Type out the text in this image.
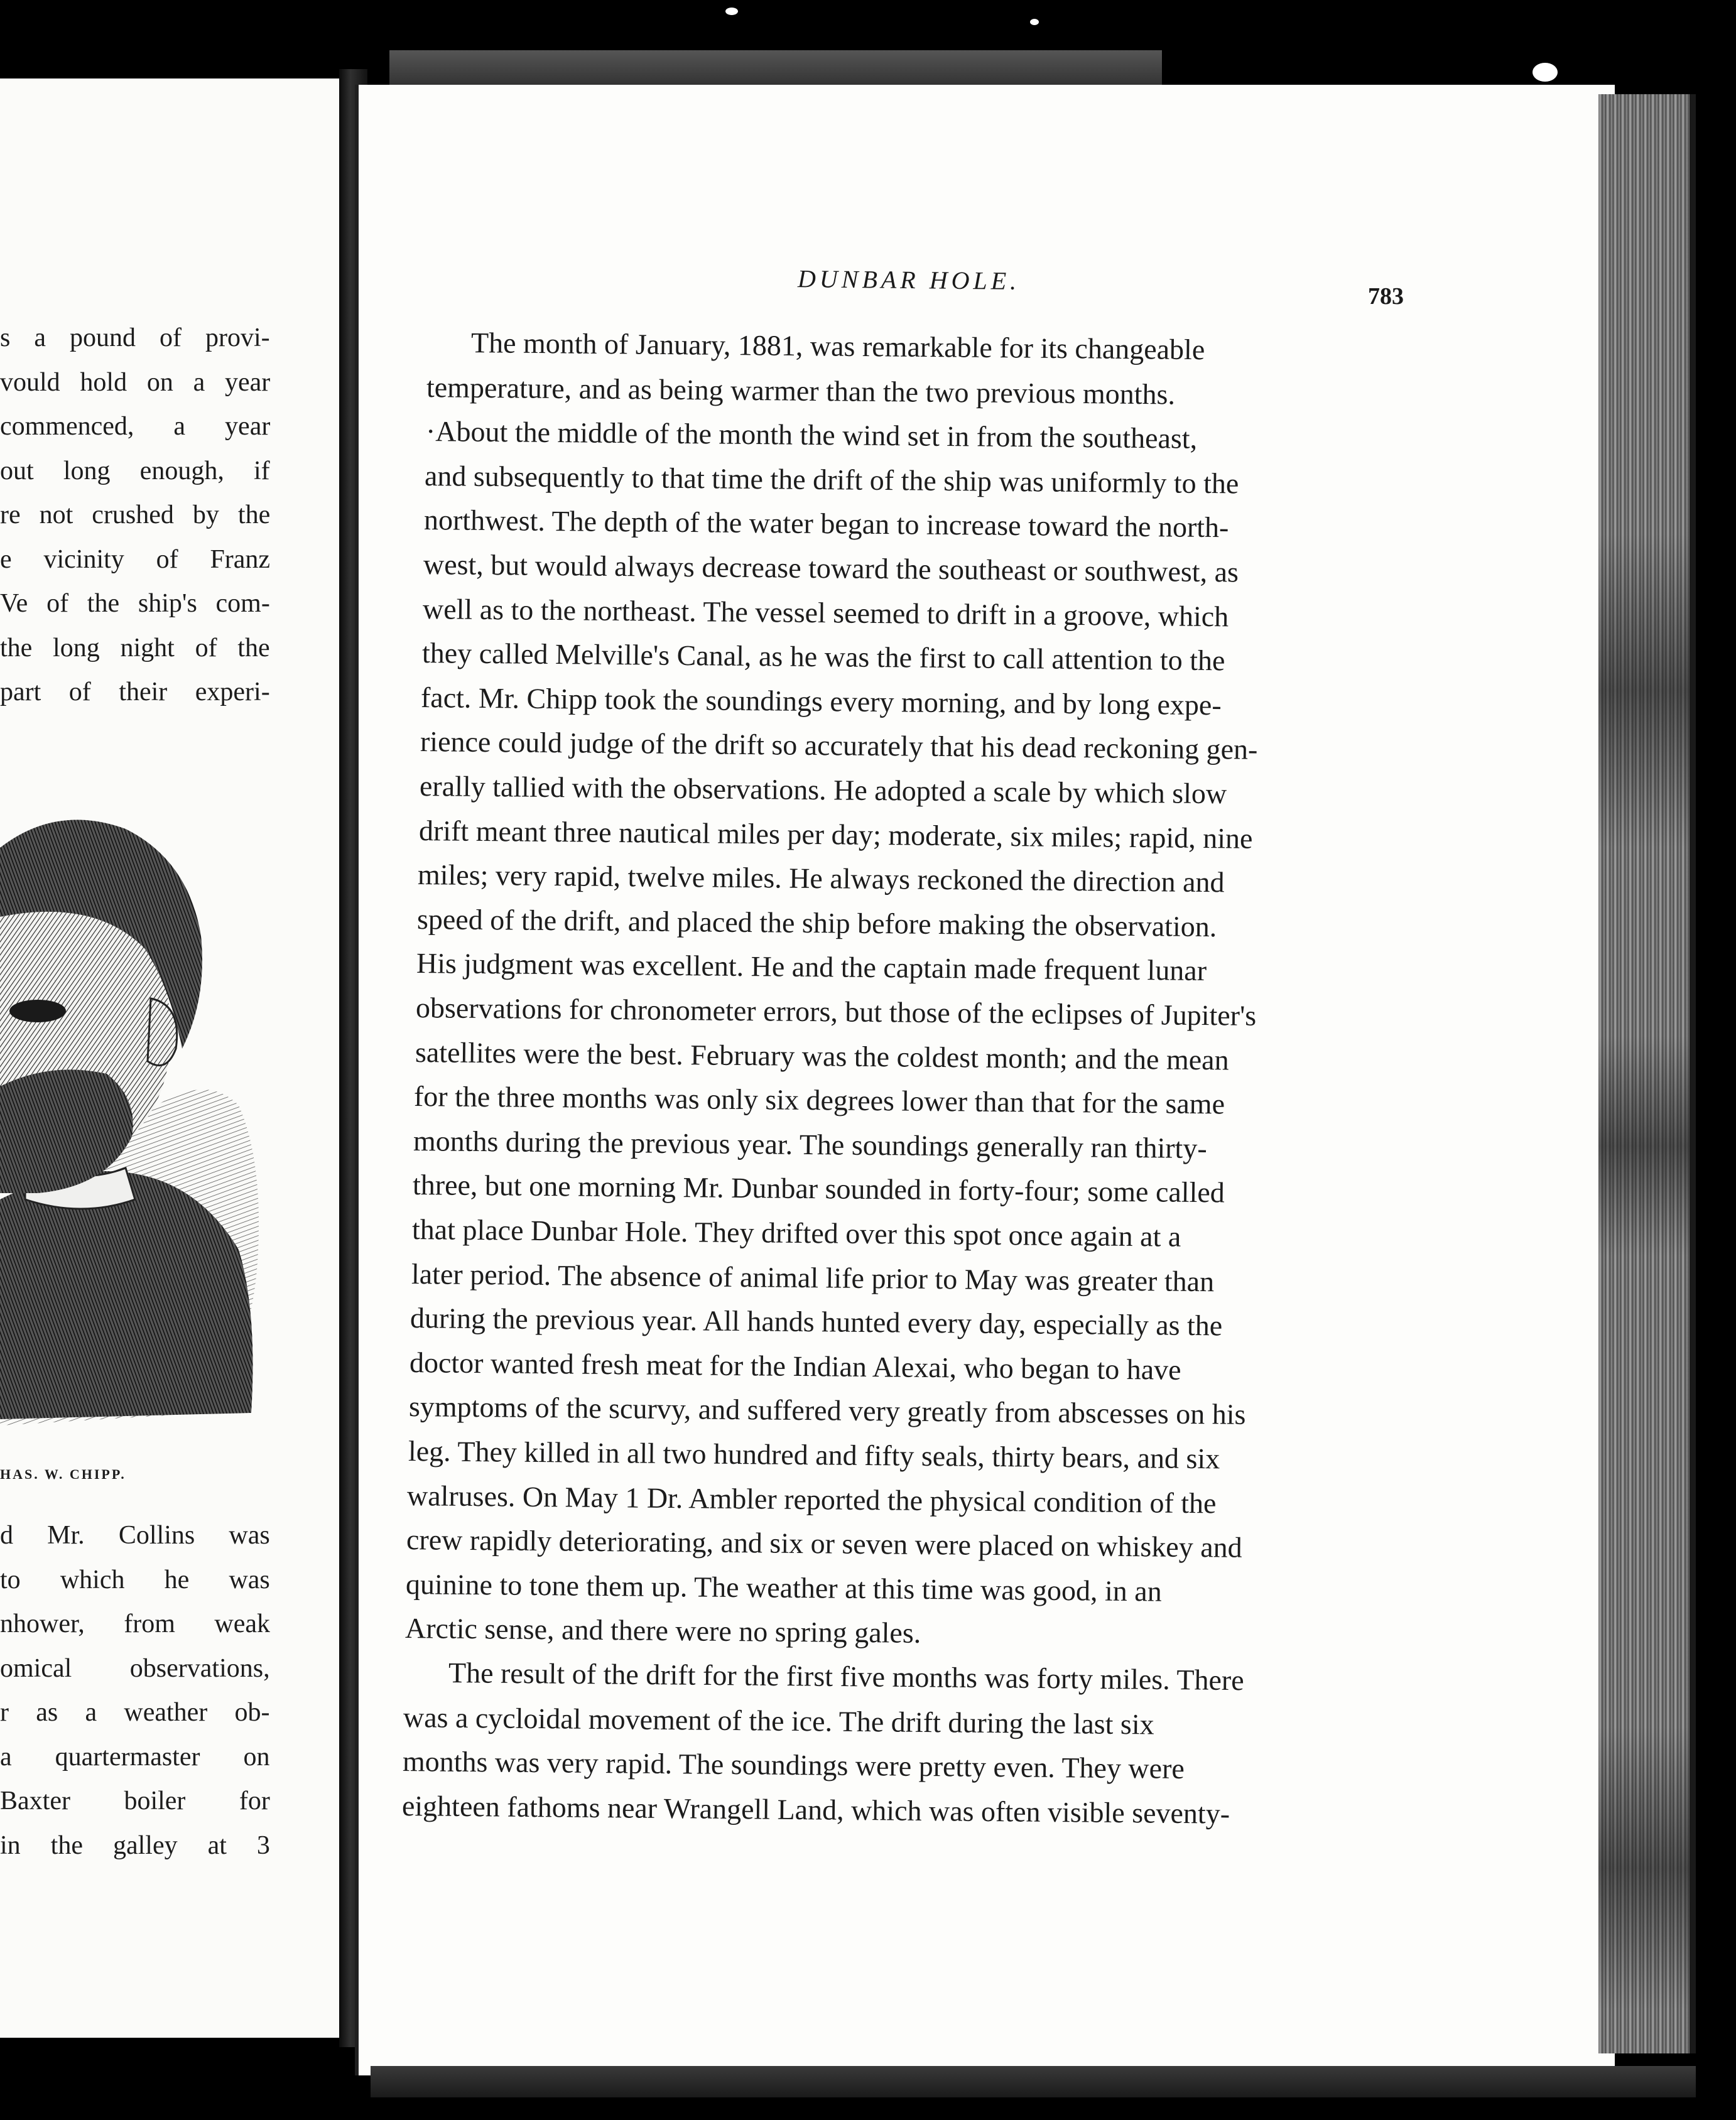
s a pound of provi-
vould hold on a year
commenced, a year
out long enough, if
re not crushed by the
e vicinity of Franz
Ve of the ship's com-
the long night of the
part of their experi-
HAS. W. CHIPP.
d Mr. Collins was
to which he was
nhower, from weak
omical observations,
r as a weather ob-
a quartermaster on
Baxter boiler for
in the galley at 3
DUNBAR HOLE.
783
The month of January, 1881, was remarkable for its changeable
temperature, and as being warmer than the two previous months.
·About the middle of the month the wind set in from the southeast,
and subsequently to that time the drift of the ship was uniformly to the
northwest. The depth of the water began to increase toward the north-
west, but would always decrease toward the southeast or southwest, as
well as to the northeast. The vessel seemed to drift in a groove, which
they called Melville's Canal, as he was the first to call attention to the
fact. Mr. Chipp took the soundings every morning, and by long expe-
rience could judge of the drift so accurately that his dead reckoning gen-
erally tallied with the observations. He adopted a scale by which slow
drift meant three nautical miles per day; moderate, six miles; rapid, nine
miles; very rapid, twelve miles. He always reckoned the direction and
speed of the drift, and placed the ship before making the observation.
His judgment was excellent. He and the captain made frequent lunar
observations for chronometer errors, but those of the eclipses of Jupiter's
satellites were the best. February was the coldest month; and the mean
for the three months was only six degrees lower than that for the same
months during the previous year. The soundings generally ran thirty-
three, but one morning Mr. Dunbar sounded in forty-four; some called
that place Dunbar Hole. They drifted over this spot once again at a
later period. The absence of animal life prior to May was greater than
during the previous year. All hands hunted every day, especially as the
doctor wanted fresh meat for the Indian Alexai, who began to have
symptoms of the scurvy, and suffered very greatly from abscesses on his
leg. They killed in all two hundred and fifty seals, thirty bears, and six
walruses. On May 1 Dr. Ambler reported the physical condition of the
crew rapidly deteriorating, and six or seven were placed on whiskey and
quinine to tone them up. The weather at this time was good, in an
Arctic sense, and there were no spring gales.
The result of the drift for the first five months was forty miles. There
was a cycloidal movement of the ice. The drift during the last six
months was very rapid. The soundings were pretty even. They were
eighteen fathoms near Wrangell Land, which was often visible seventy-
